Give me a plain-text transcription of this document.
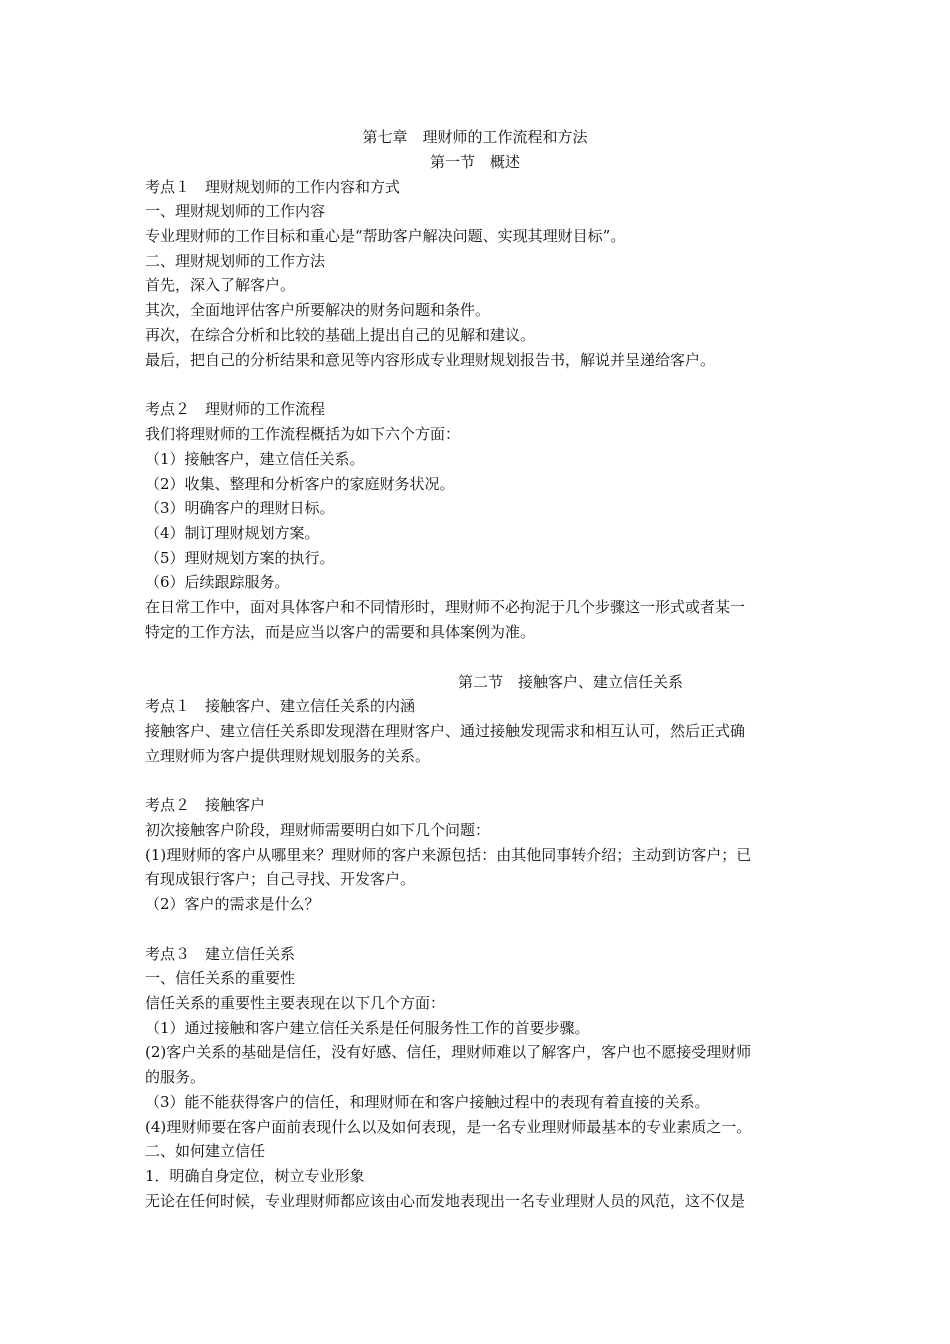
第七章　理财师的工作流程和方法
第一节　概述
考点１　理财规划师的工作内容和方式
一、理财规划师的工作内容
专业理财师的工作目标和重心是“帮助客户解决问题、实现其理财目标”。
二、理财规划师的工作方法
首先，深入了解客户。
其次，全面地评估客户所要解决的财务问题和条件。
再次，在综合分析和比较的基础上提出自己的见解和建议。
最后，把自己的分析结果和意见等内容形成专业理财规划报告书，解说并呈递给客户。
考点２　理财师的工作流程
我们将理财师的工作流程概括为如下六个方面：
（1）接触客户，建立信任关系。
（2）收集、整理和分析客户的家庭财务状况。
（3）明确客户的理财日标。
（4）制订理财规划方案。
（5）理财规划方案的执行。
（6）后续跟踪服务。
在日常工作中，面对具体客户和不同情形时，理财师不必拘泥于几个步骤这一形式或者某一
特定的工作方法，而是应当以客户的需要和具体案例为准。
第二节　接触客户、建立信任关系
考点１　接触客户、建立信任关系的内涵
接触客户、建立信任关系即发现潜在理财客户、通过接触发现需求和相互认可，然后正式确
立理财师为客户提供理财规划服务的关系。
考点２　接触客户
初次接触客户阶段，理财师需要明白如下几个问题：
(1)理财师的客户从哪里来？理财师的客户来源包括：由其他同事转介绍；主动到访客户；已
有现成银行客户；自己寻找、开发客户。
（2）客户的需求是什么？
考点３　建立信任关系
一、信任关系的重要性
信任关系的重要性主要表现在以下几个方面：
（1）通过接触和客户建立信任关系是任何服务性工作的首要步骤。
(2)客户关系的基础是信任，没有好感、信任，理财师难以了解客户，客户也不愿接受理财师
的服务。
（3）能不能获得客户的信任，和理财师在和客户接触过程中的表现有着直接的关系。
(4)理财师要在客户面前表现什么以及如何表现，是一名专业理财师最基本的专业素质之一。
二、如何建立信任
1．明确自身定位，树立专业形象
无论在任何时候，专业理财师都应该由心而发地表现出一名专业理财人员的风范，这不仅是
